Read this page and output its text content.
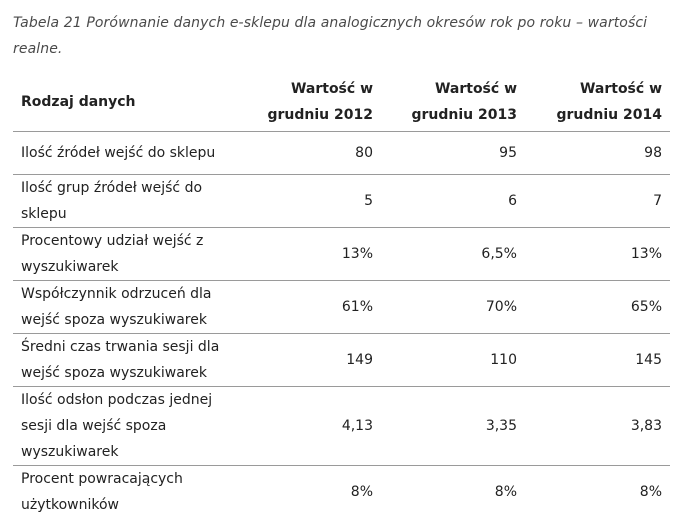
Tabela 21 Porównanie danych e-sklepu dla analogicznych okresów rok po roku – wartości realne.
Rodzaj danych	Wartość w grudniu 2012	Wartość w grudniu 2013	Wartość w grudniu 2014
Ilość źródeł wejść do sklepu	80	95	98
Ilość grup źródeł wejść do sklepu	5	6	7
Procentowy udział wejść z wyszukiwarek	13%	6,5%	13%
Współczynnik odrzuceń dla wejść spoza wyszukiwarek	61%	70%	65%
Średni czas trwania sesji dla wejść spoza wyszukiwarek	149	110	145
Ilość odsłon podczas jednej sesji dla wejść spoza wyszukiwarek	4,13	3,35	3,83
Procent powracających użytkowników	8%	8%	8%
